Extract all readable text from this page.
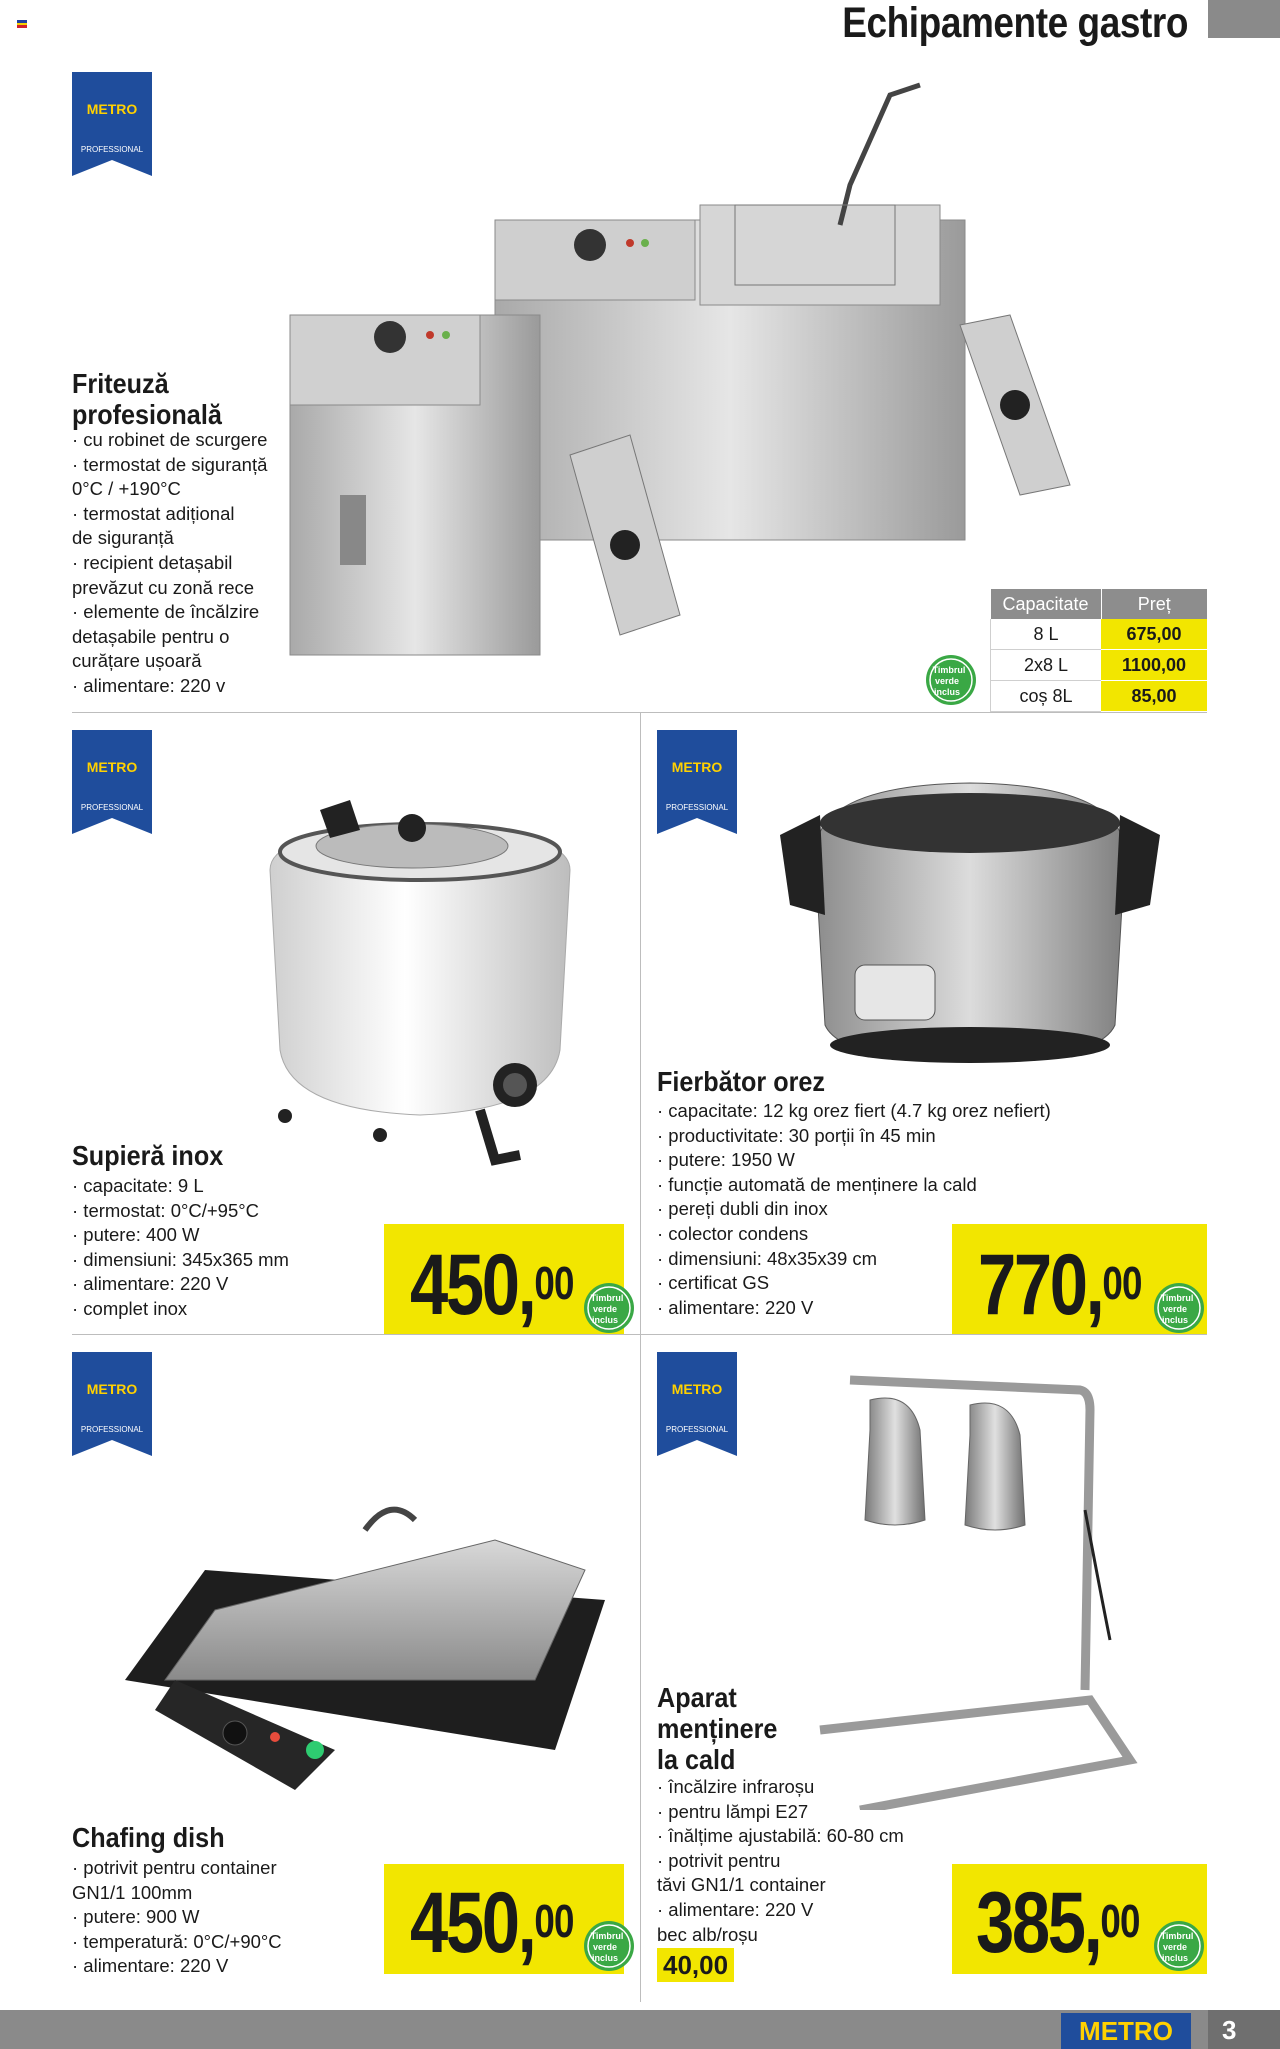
Echipamente gastro
METRO
PROFESSIONAL
METRO
PROFESSIONAL
METRO
PROFESSIONAL
METRO
PROFESSIONAL
METRO
PROFESSIONAL
Friteuză
profesională
· cu robinet de scurgere
· termostat de siguranță
0°C / +190°C
· termostat adițional
de siguranță
· recipient detașabil
prevăzut cu zonă rece
· elemente de încălzire
detașabile pentru o
curățare ușoară
· alimentare: 220 v
Timbrul
verde
inclus
Capacitate	Preț
8 L	675,00
2x8 L	1100,00
coș 8L	85,00
Supieră inox
· capacitate: 9 L
· termostat: 0°C/+95°C
· putere: 400 W
· dimensiuni: 345x365 mm
· alimentare: 220 V
· complet inox	450,00 Timbrul
verde
inclus
Fierbător orez
· capacitate: 12 kg orez fiert (4.7 kg orez nefiert)
· productivitate: 30 porții în 45 min
· putere: 1950 W
· funcție automată de menținere la cald
· pereți dubli din inox
· colector condens
· dimensiuni: 48x35x39 cm
· certificat GS
· alimentare: 220 V	770,00 Timbrul
verde
inclus
Chafing dish
· potrivit pentru container
GN1/1 100mm
· putere: 900 W
· temperatură: 0°C/+90°C
· alimentare: 220 V	450,00 Timbrul
verde
inclus
Aparat
menținere
la cald
· încălzire infraroșu
· pentru lămpi E27
· înălțime ajustabilă: 60-80 cm
· potrivit pentru
tăvi GN1/1 container
· alimentare: 220 V
bec alb/roșu
40,00	385,00 Timbrul
verde
inclus
METRO	3
